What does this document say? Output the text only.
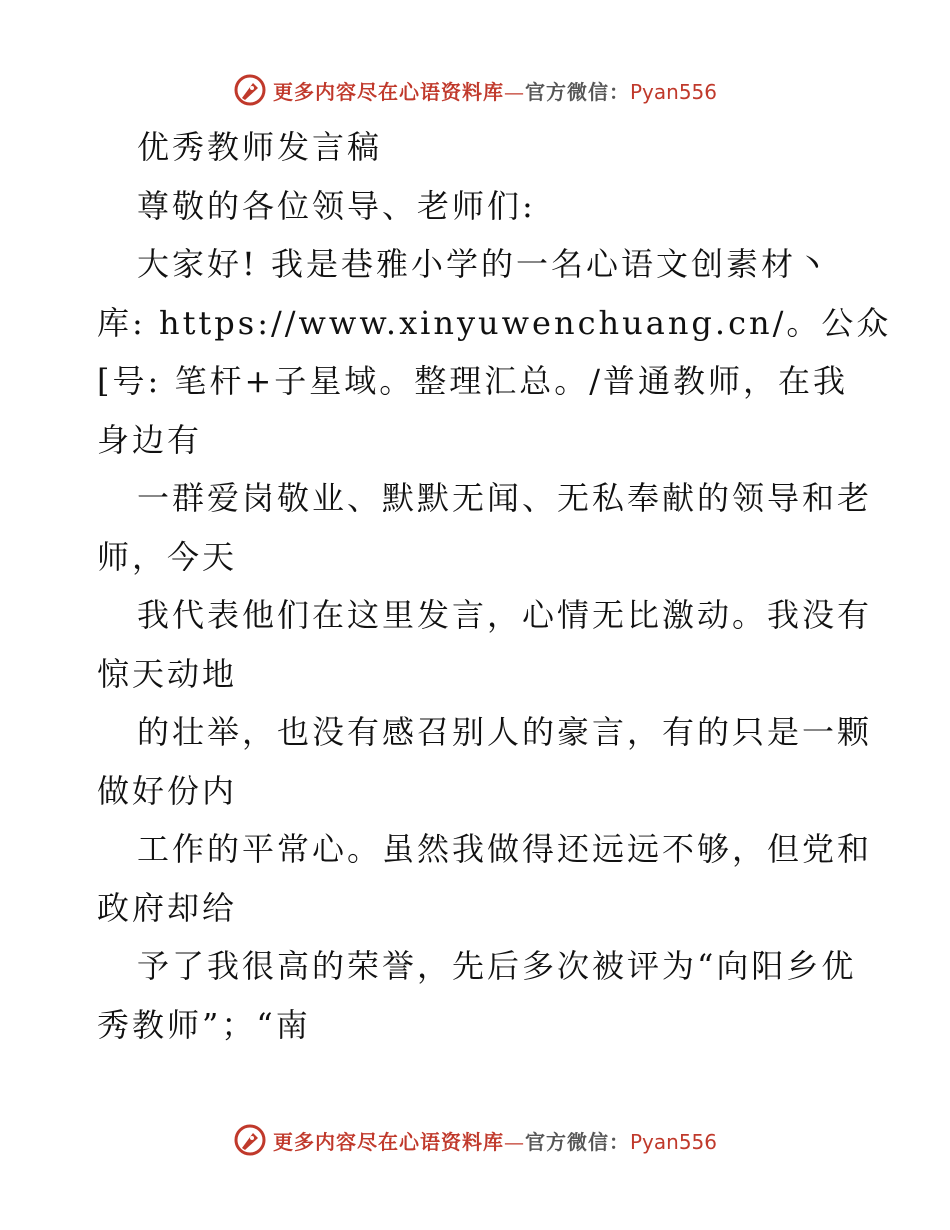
更多内容尽在心语资料库 — 官方微信： Pyan556
优秀教师发言稿
尊敬的各位领导、老师们:
大家好! 我是巷雅小学的一名心语文创素材丶
库: https://www.xinyuwenchuang.cn/。公众
[号: 笔杆+子星域。整理汇总。/普通教师，在我
身边有
一群爱岗敬业、默默无闻、无私奉献的领导和老
师，今天
我代表他们在这里发言，心情无比激动。我没有
惊天动地
的壮举，也没有感召别人的豪言，有的只是一颗
做好份内
工作的平常心。虽然我做得还远远不够，但党和
政府却给
予了我很高的荣誉，先后多次被评为“向阳乡优
秀教师”；“南
更多内容尽在心语资料库 — 官方微信： Pyan556
